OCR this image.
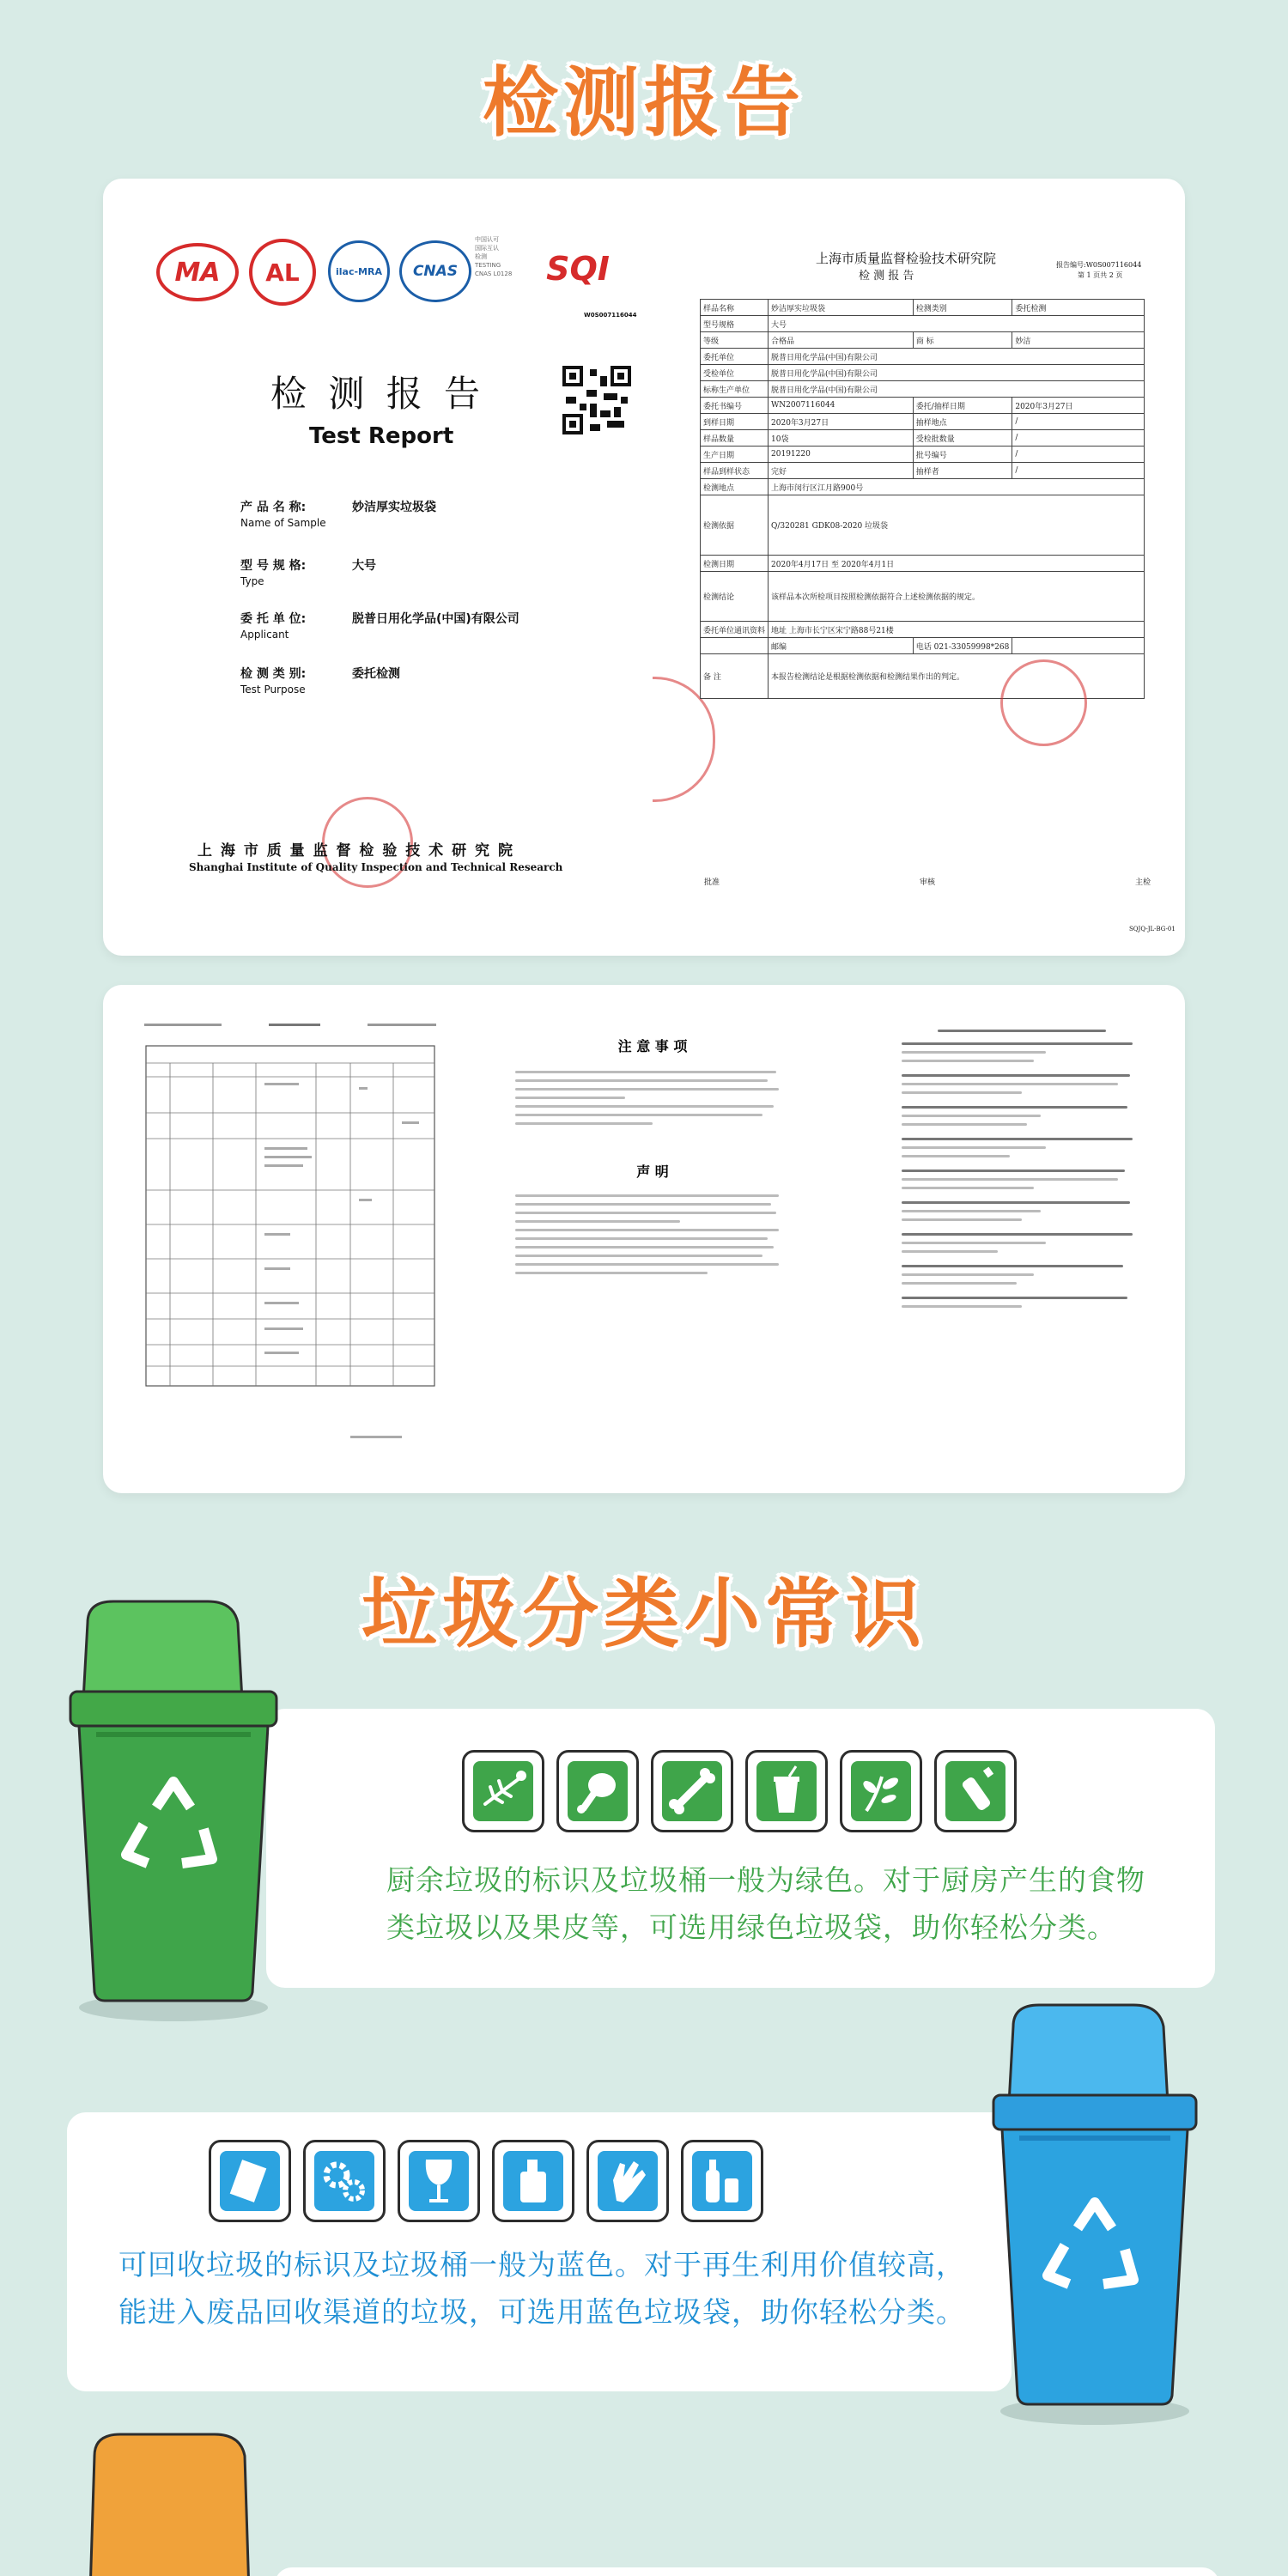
检测报告
MA AL	ilac-MRA CNAS
中国认可
国际互认
检测
TESTING
CNAS L0128	SQI
W0S007116044
检 测 报 告
Test Report
产 品 名 称:	妙洁厚实垃圾袋
Name of Sample
型 号 规 格:	大号
Type
委 托 单 位:	脱普日用化学品(中国)有限公司
Applicant
检 测 类 别:	委托检测
Test Purpose
上 海 市 质 量 监 督 检 验 技 术 研 究 院
Shanghai Institute of Quality Inspection and Technical Research
上海市质量监督检验技术研究院
检 测 报 告
报告编号:W0S007116044
第 1 页共 2 页
样品名称	妙洁厚实垃圾袋	检测类别	委托检测
型号规格	大号		
等级	合格品	商 标	妙洁
委托单位	脱普日用化学品(中国)有限公司		
受检单位	脱普日用化学品(中国)有限公司		
标称生产单位	脱普日用化学品(中国)有限公司		
委托书编号	WN2007116044	委托/抽样日期	2020年3月27日
到样日期	2020年3月27日	抽样地点	/
样品数量	10袋	受检批数量	/
生产日期	20191220	批号编号	/
样品到样状态	完好	抽样者	/
检测地点	上海市闵行区江月路900号		
检测依据	Q/320281 GDK08-2020 垃圾袋		
检测日期	2020年4月17日 至 2020年4月1日		
检测结论	该样品本次所检项目按照检测依据符合上述检测依据的规定。		
委托单位通讯资料	地址 上海市长宁区宋宁路88号21楼		
	邮编	电话 021-33059998*268	
备 注	本报告检测结论是根据检测依据和检测结果作出的判定。		
批准	审核	主检
SQJQ-JL-BG-01
注 意 事 项
声 明
垃圾分类小常识
厨余垃圾的标识及垃圾桶一般为绿色。对于厨房产生的食物类垃圾以及果皮等，可选用绿色垃圾袋，助你轻松分类。
可回收垃圾的标识及垃圾桶一般为蓝色。对于再生利用价值较高，能进入废品回收渠道的垃圾，可选用蓝色垃圾袋，助你轻松分类。
